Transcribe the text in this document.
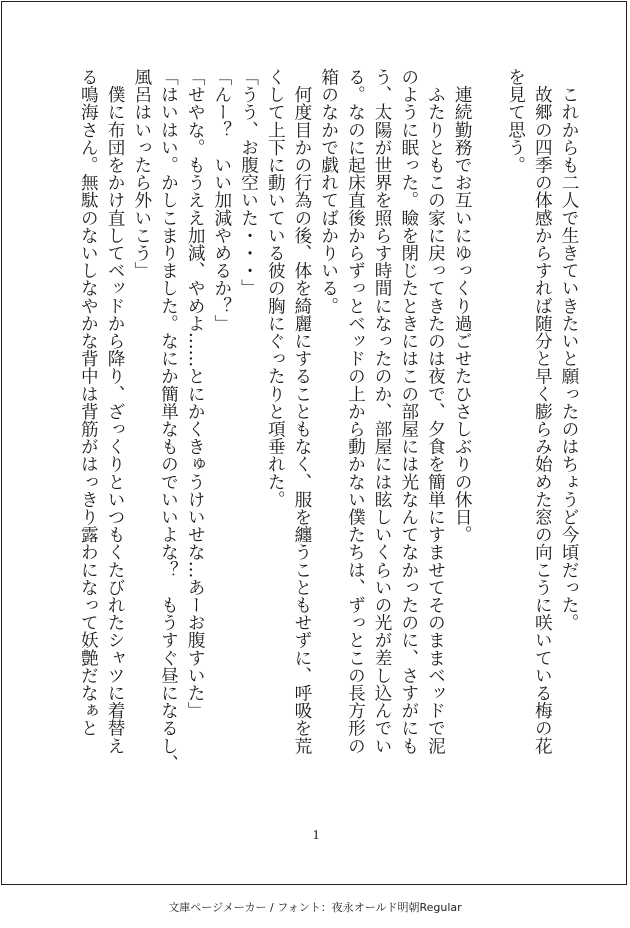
　これからも二人で生きていきたいと願ったのはちょうど今頃だった。

　故郷の四季の体感からすれば随分と早く膨らみ始めた窓の向こうに咲いている梅の花

を見て思う。

　連続勤務でお互いにゆっくり過ごせたひさしぶりの休日。

　ふたりともこの家に戻ってきたのは夜で、夕食を簡単にすませてそのままベッドで泥

のように眠った。瞼を閉じたときにはこの部屋には光なんてなかったのに、さすがにも

う、太陽が世界を照らす時間になったのか、部屋には眩しいくらいの光が差し込んでい

る。なのに起床直後からずっとベッドの上から動かない僕たちは、ずっとこの長方形の

箱のなかで戯れてばかりいる。

　何度目かの行為の後、体を綺麗にすることもなく、服を纏うこともせずに、呼吸を荒

くして上下に動いている彼の胸にぐったりと項垂れた。

「うう、お腹空いた・・・」

「んー？　いい加減やめるか？」

「せやな。もうええ加減、やめよ……とにかくきゅうけいせな…あーお腹すいた」

「はいはい。かしこまりました。なにか簡単なものでいいよな？　もうすぐ昼になるし、

風呂はいったら外いこう」

　僕に布団をかけ直してベッドから降り、ざっくりといつもくたびれたシャツに着替え

る鳴海さん。無駄のないしなやかな背中は背筋がはっきり露わになって妖艶だなぁと

1
文庫ページメーカー / フォント：夜永オールド明朝Regular
